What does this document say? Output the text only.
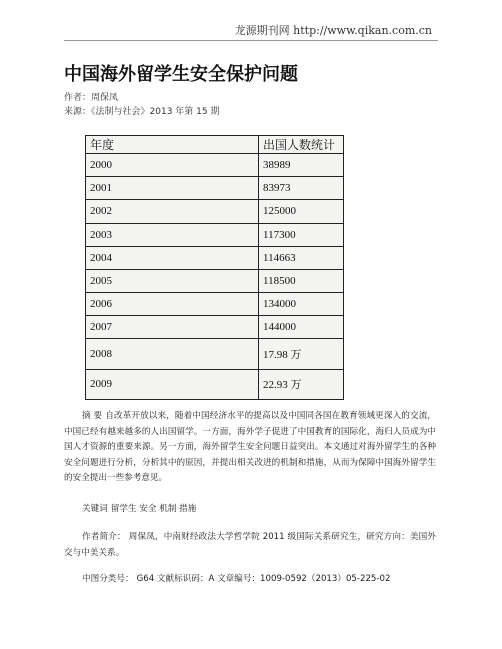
龙源期刊网 http://www.qikan.com.cn
中国海外留学生安全保护问题
作者：周保凤
来源：《法制与社会》2013 年第 15 期
年度	出国人数统计
2000	38989
2001	83973
2002	125000
2003	117300
2004	114663
2005	118500
2006	134000
2007	144000
2008	17.98 万
2009	22.93 万
摘 要 自改革开放以来，随着中国经济水平的提高以及中国同各国在教育领域更深入的交流，中国已经有越来越多的人出国留学。一方面，海外学子促进了中国教育的国际化，海归人员成为中国人才资源的重要来源。另一方面，海外留学生安全问题日益突出。本文通过对海外留学生的各种安全问题进行分析，分析其中的原因，并提出相关改进的机制和措施，从而为保障中国海外留学生的安全提出一些参考意见。
关键词 留学生 安全 机制 措施
作者简介： 周保凤，中南财经政法大学哲学院 2011 级国际关系研究生，研究方向：美国外交与中美关系。
中图分类号： G64 文献标识码：A 文章编号：1009-0592（2013）05-225-02
